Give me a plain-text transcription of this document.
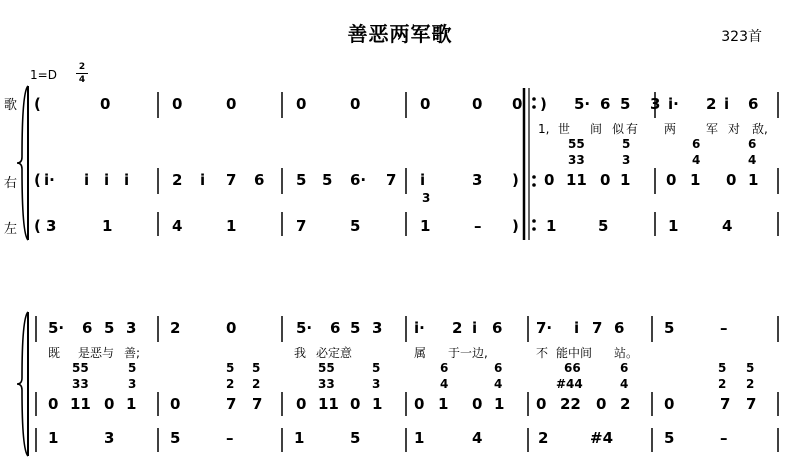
善恶两军歌	323首
1=D
2
4
歌
右
左
(	0	0	0	0	0	0	0 0 ) 5· 6 5 3 i· 2 i 6
1, 世 间 似 有 两 军 对 敌,
55	5	6	6
33	3	4	4
( i· i i i	2 i 7 6 5 5 6· 7 i	3 ) 0 11 0 1 0 1 0 1
3
( 3	1	4	1	7	5	1	– ) 1	5	1	4
5· 6 5 3 2	0	5· 6 5 3 i· 2 i 6 7· i 7 6	5	–
既 是恶与 善;	我 必定意	属 于一边,	不 能中间 站。
55	5	5 5	55	5	6	6	66	6	5 5
33	3	2 2	33	3	4	4	#44	4	2 2
0 11 0 1 0	7 7 0 11 0 1 0 1 0 1 0 22 0 2 0	7 7
1	3	5	–	1	5	1	4	2	#4	5	–
